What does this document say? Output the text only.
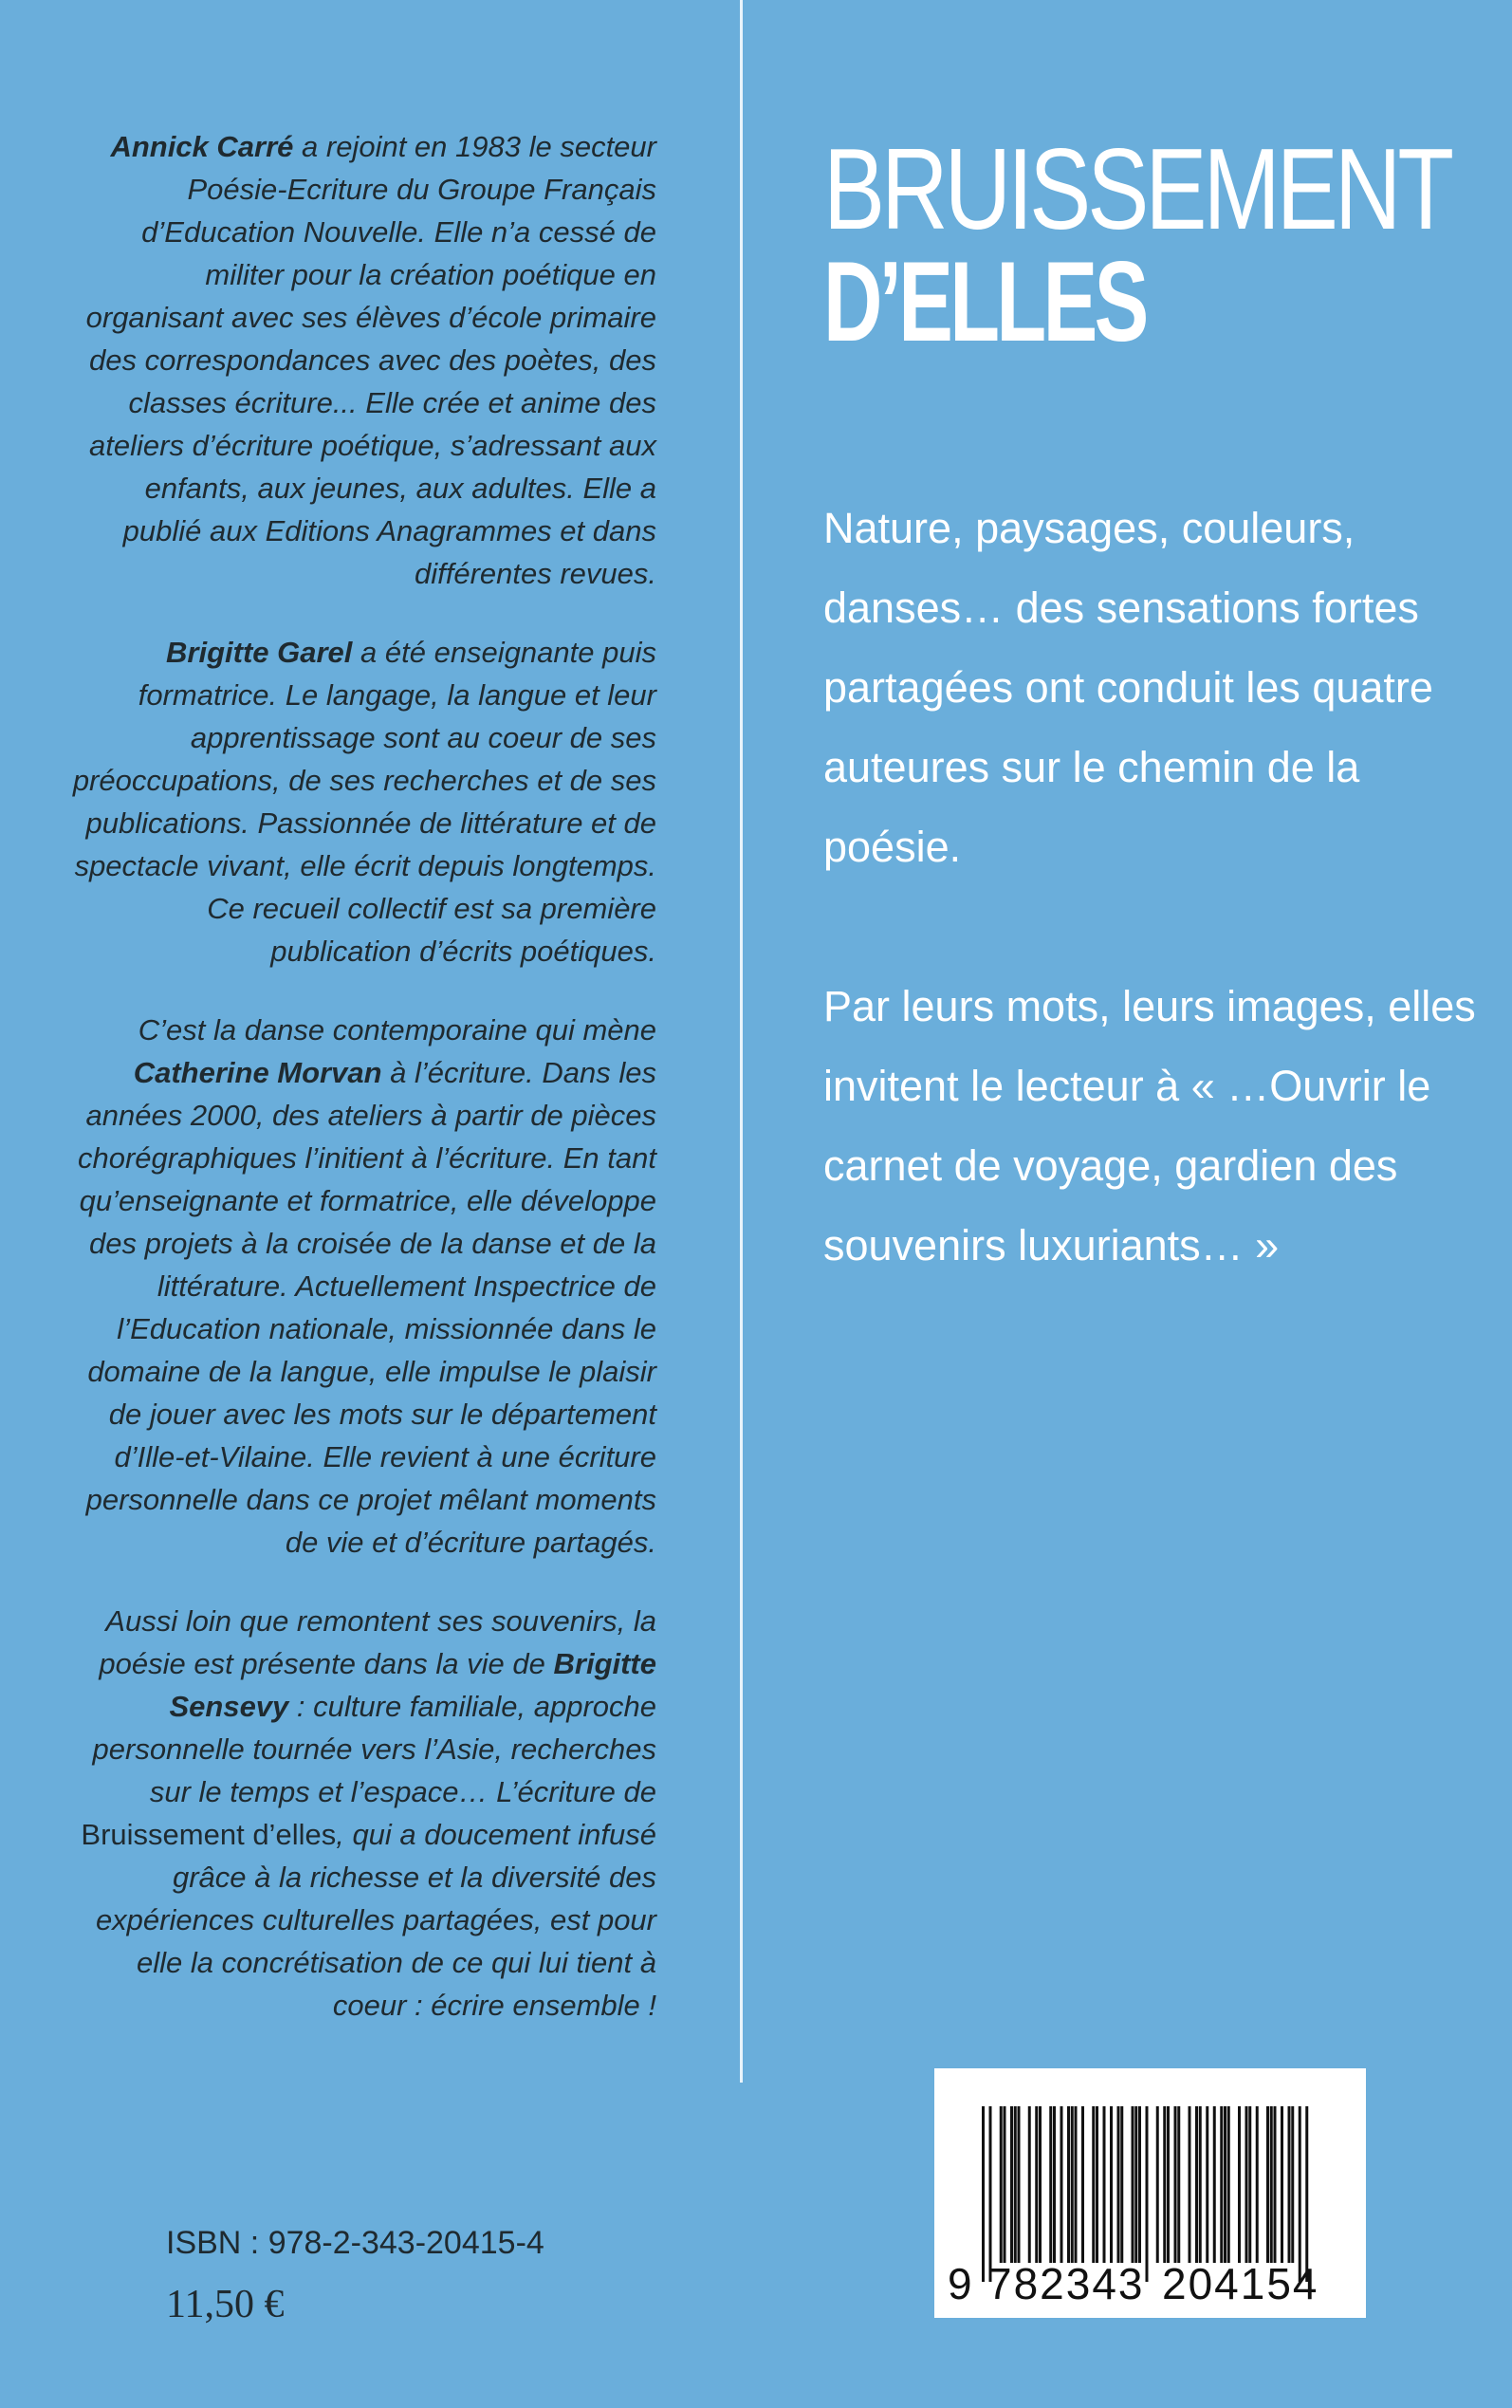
Annick Carré a rejoint en 1983 le secteur Poésie-Ecriture du Groupe Français d’Education Nouvelle. Elle n’a cessé de militer pour la création poétique en organisant avec ses élèves d’école primaire des correspondances avec des poètes, des classes écriture... Elle crée et anime des ateliers d’écriture poétique, s’adressant aux enfants, aux jeunes, aux adultes. Elle a publié aux Editions Anagrammes et dans différentes revues.

Brigitte Garel a été enseignante puis formatrice. Le langage, la langue et leur apprentissage sont au coeur de ses préoccupations, de ses recherches et de ses publications. Passionnée de littérature et de spectacle vivant, elle écrit depuis longtemps. Ce recueil collectif est sa première publication d’écrits poétiques.

C’est la danse contemporaine qui mène Catherine Morvan à l’écriture. Dans les années 2000, des ateliers à partir de pièces chorégraphiques l’initient à l’écriture. En tant qu’enseignante et formatrice, elle développe des projets à la croisée de la danse et de la littérature. Actuellement Inspectrice de l’Education nationale, missionnée dans le domaine de la langue, elle impulse le plaisir de jouer avec les mots sur le département d’Ille-et-Vilaine. Elle revient à une écriture personnelle dans ce projet mêlant moments de vie et d’écriture partagés.

Aussi loin que remontent ses souvenirs, la poésie est présente dans la vie de Brigitte Sensevy : culture familiale, approche personnelle tournée vers l’Asie, recherches sur le temps et l’espace… L’écriture de Bruissement d’elles, qui a doucement infusé grâce à la richesse et la diversité des expériences culturelles partagées, est pour elle la concrétisation de ce qui lui tient à coeur : écrire ensemble !

BRUISSEMENT
D’ELLES

Nature, paysages, couleurs, danses… des sensations fortes partagées ont conduit les quatre auteures sur le chemin de la poésie.

Par leurs mots, leurs images, elles invitent le lecteur à « …Ouvrir le carnet de voyage, gardien des souvenirs luxuriants… »

9 782343 204154
ISBN : 978-2-343-20415-4
11,50 €
